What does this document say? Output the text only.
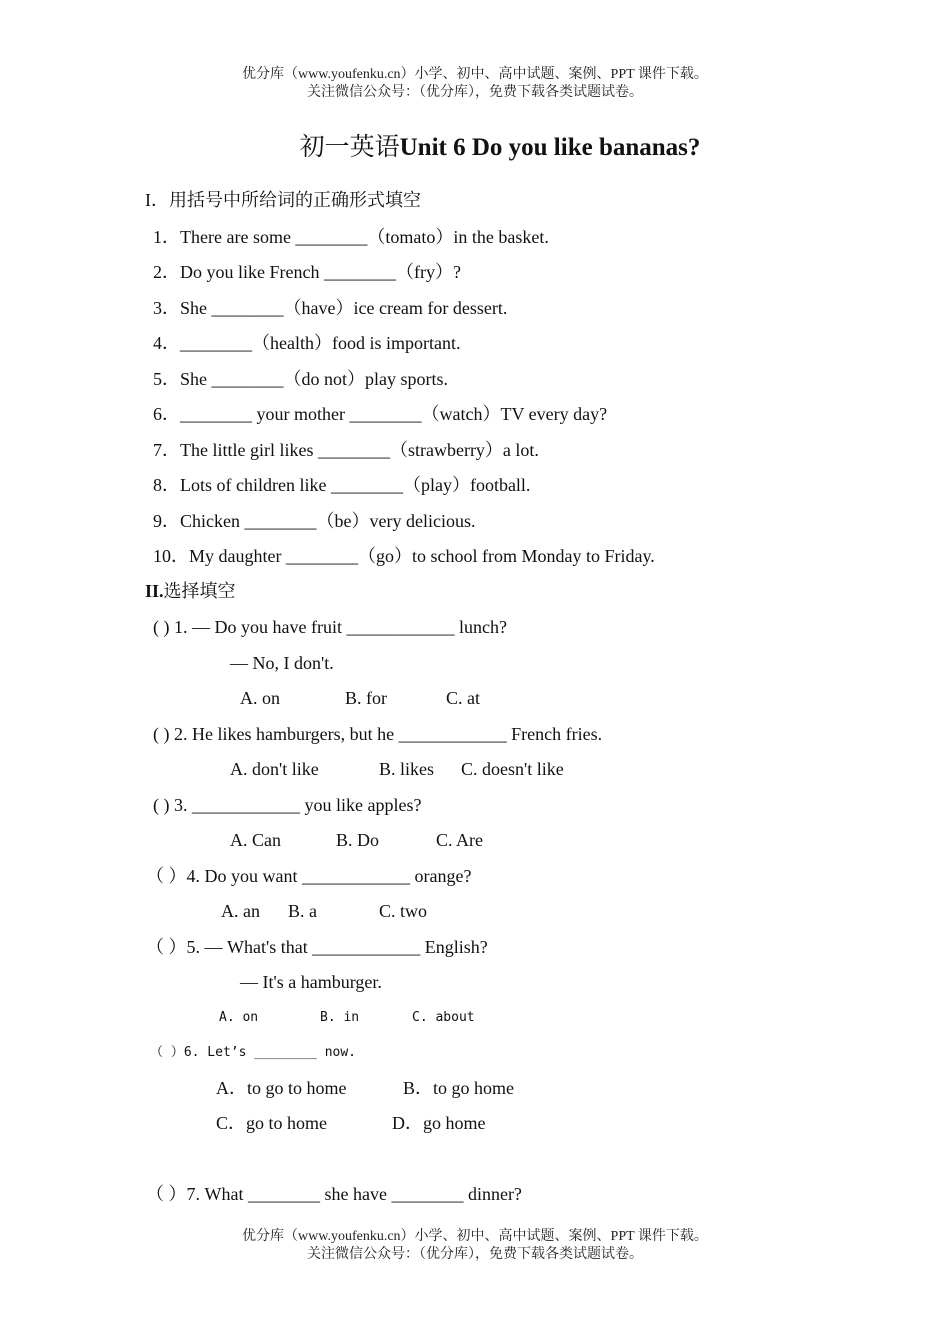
优分库（www.youfenku.cn）小学、初中、高中试题、案例、PPT 课件下载。
关注微信公众号：（优分库），免费下载各类试题试卷。
初一英语Unit 6 Do you like bananas?
I．用括号中所给词的正确形式填空
1．There are some ________（tomato）in the basket.
2．Do you like French ________（fry）?
3．She ________（have）ice cream for dessert.
4．________（health）food is important.
5．She ________（do not）play sports.
6．________ your mother ________（watch）TV every day?
7．The little girl likes ________（strawberry）a lot.
8．Lots of children like ________（play）football.
9．Chicken ________（be）very delicious.
10．My daughter ________（go）to school from Monday to Friday.
II.选择填空
( ) 1. — Do you have fruit ____________ lunch?
— No, I don't.
A. on	B. for	C. at
( ) 2. He likes hamburgers, but he ____________ French fries.
A. don't like	B. likes C. doesn't like
( ) 3. ____________ you like apples?
A. Can	B. Do	C. Are
（ ）4. Do you want ____________ orange?
A. an B. a	C. two
（ ）5. — What's that ____________ English?
— It's a hamburger.
A. on	B. in	C. about
（ ）6. Let’s ________ now.
A．to go to home	B．to go home
C．go to home	D．go home
（ ）7. What ________ she have ________ dinner?
优分库（www.youfenku.cn）小学、初中、高中试题、案例、PPT 课件下载。
关注微信公众号：（优分库），免费下载各类试题试卷。
